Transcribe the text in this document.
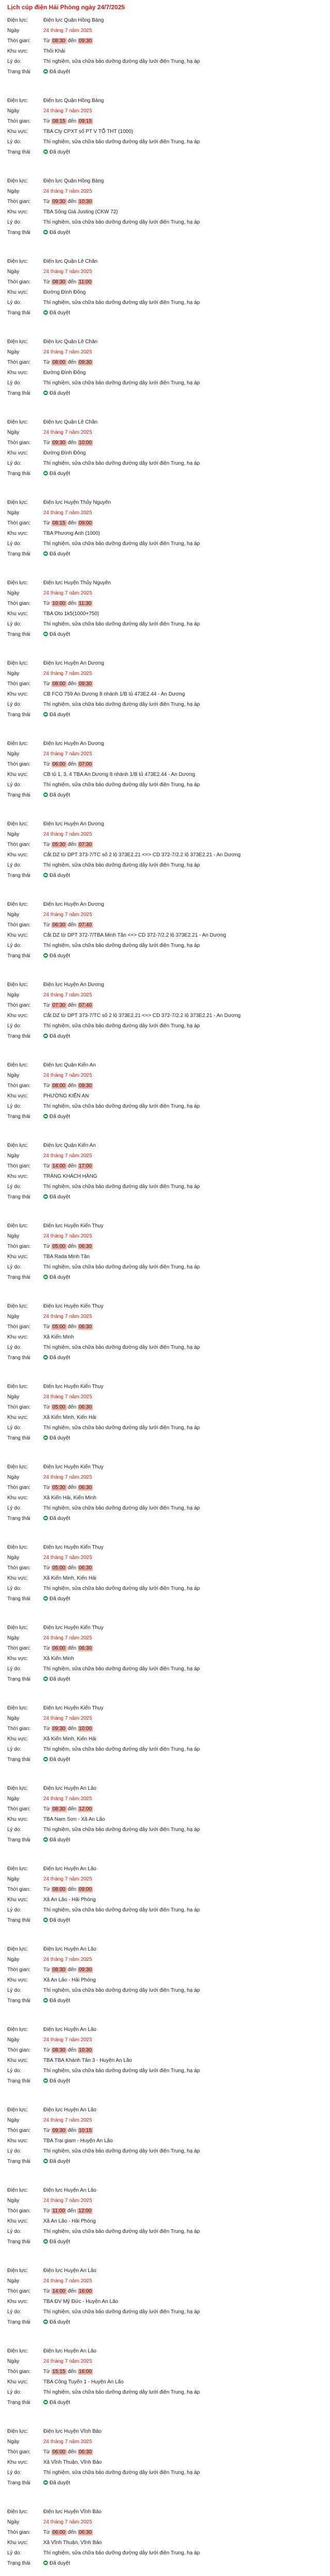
Lịch cúp điện Hải Phòng ngày 24/7/2025
Điện lực:	Điện lực Quận Hồng Bàng
Ngày	24 tháng 7 năm 2025
Thời gian:	Từ 08:30 đến 09:30
Khu vực:	Thôi Khải
Lý do:	Thí nghiệm, sửa chữa bảo dưỡng đường dây lưới điện Trung, hạ áp
Trạng thái	Đã duyệt
Điện lực:	Điện lực Quận Hồng Bàng
Ngày	24 tháng 7 năm 2025
Thời gian:	Từ 08:15 đến 09:15
Khu vực:	TBA Cty CPXT số PT V TỔ THT (1000)
Lý do:	Thí nghiệm, sửa chữa bảo dưỡng đường dây lưới điện Trung, hạ áp
Trạng thái	Đã duyệt
Điện lực:	Điện lực Quận Hồng Bàng
Ngày	24 tháng 7 năm 2025
Thời gian:	Từ 09:30 đến 10:30
Khu vực:	TBA Sông Giá Justing (CKW 72)
Lý do:	Thí nghiệm, sửa chữa bảo dưỡng đường dây lưới điện Trung, hạ áp
Trạng thái	Đã duyệt
Điện lực:	Điện lực Quận Lê Chân
Ngày	24 tháng 7 năm 2025
Thời gian:	Từ 08:30 đến 11:00
Khu vực:	Đường Đình Đông
Lý do:	Thí nghiệm, sửa chữa bảo dưỡng đường dây lưới điện Trung, hạ áp
Trạng thái	Đã duyệt
Điện lực:	Điện lực Quận Lê Chân
Ngày	24 tháng 7 năm 2025
Thời gian:	Từ 08:00 đến 09:30
Khu vực:	Đường Đình Đông
Lý do:	Thí nghiệm, sửa chữa bảo dưỡng đường dây lưới điện Trung, hạ áp
Trạng thái	Đã duyệt
Điện lực:	Điện lực Quận Lê Chân
Ngày	24 tháng 7 năm 2025
Thời gian:	Từ 09:30 đến 10:00
Khu vực:	Đường Đình Đông
Lý do:	Thí nghiệm, sửa chữa bảo dưỡng đường dây lưới điện Trung, hạ áp
Trạng thái	Đã duyệt
Điện lực:	Điện lực Huyện Thủy Nguyên
Ngày	24 tháng 7 năm 2025
Thời gian:	Từ 08:15 đến 09:00
Khu vực:	TBA Phương Anh (1000)
Lý do:	Thí nghiệm, sửa chữa bảo dưỡng đường dây lưới điện Trung, hạ áp
Trạng thái	Đã duyệt
Điện lực:	Điện lực Huyện Thủy Nguyên
Ngày	24 tháng 7 năm 2025
Thời gian:	Từ 10:00 đến 11:30
Khu vực:	TBA Oto 1k5(1000+750)
Lý do:	Thí nghiệm, sửa chữa bảo dưỡng đường dây lưới điện Trung, hạ áp
Trạng thái	Đã duyệt
Điện lực:	Điện lực Huyện An Dương
Ngày	24 tháng 7 năm 2025
Thời gian:	Từ 08:00 đến 09:30
Khu vực:	CB FCO 759 An Dương 8 nhánh 1/B tủ 473E2.44 - An Dương
Lý do:	Thí nghiệm, sửa chữa bảo dưỡng đường dây lưới điện Trung, hạ áp
Trạng thái	Đã duyệt
Điện lực:	Điện lực Huyện An Dương
Ngày	24 tháng 7 năm 2025
Thời gian:	Từ 06:00 đến 07:00
Khu vực:	CB tủ 1, 3, 4 TBA An Dương 8 nhánh 1/B tủ 473E2.44 - An Dương
Lý do:	Thí nghiệm, sửa chữa bảo dưỡng đường dây lưới điện Trung, hạ áp
Trạng thái	Đã duyệt
Điện lực:	Điện lực Huyện An Dương
Ngày	24 tháng 7 năm 2025
Thời gian:	Từ 05:30 đến 07:30
Khu vực:	Cắt DZ từ DPT 373-7/TC số 2 lộ 373E2.21 <=> CD 372-7/2.2 lộ 373E2.21 - An Dương
Lý do:	Thí nghiệm, sửa chữa bảo dưỡng đường dây lưới điện Trung, hạ áp
Trạng thái	Đã duyệt
Điện lực:	Điện lực Huyện An Dương
Ngày	24 tháng 7 năm 2025
Thời gian:	Từ 06:30 đến 07:40
Khu vực:	Cắt DZ từ DPT 372-7/TBA Minh Tân <=> CD 372-7/2.2 lộ 373E2.21 - An Dương
Lý do:	Thí nghiệm, sửa chữa bảo dưỡng đường dây lưới điện Trung, hạ áp
Trạng thái	Đã duyệt
Điện lực:	Điện lực Huyện An Dương
Ngày	24 tháng 7 năm 2025
Thời gian:	Từ 07:30 đến 07:40
Khu vực:	Cắt DZ từ DPT 373-7/TC số 2 lộ 373E2.21 <=> CD 372-7/2.2 lộ 373E2.21 - An Dương
Lý do:	Thí nghiệm, sửa chữa bảo dưỡng đường dây lưới điện Trung, hạ áp
Trạng thái	Đã duyệt
Điện lực:	Điện lực Quận Kiến An
Ngày	24 tháng 7 năm 2025
Thời gian:	Từ 08:00 đến 09:30
Khu vực:	PHƯỜNG KIẾN AN
Lý do:	Thí nghiệm, sửa chữa bảo dưỡng đường dây lưới điện Trung, hạ áp
Trạng thái	Đã duyệt
Điện lực:	Điện lực Quận Kiến An
Ngày	24 tháng 7 năm 2025
Thời gian:	Từ 14:00 đến 17:00
Khu vực:	TRÀNG KHÁCH HÀNG
Lý do:	Thí nghiệm, sửa chữa bảo dưỡng đường dây lưới điện Trung, hạ áp
Trạng thái	Đã duyệt
Điện lực:	Điện lực Huyện Kiến Thụy
Ngày	24 tháng 7 năm 2025
Thời gian:	Từ 05:00 đến 06:30
Khu vực:	TBA Rada Minh Tân
Lý do:	Thí nghiệm, sửa chữa bảo dưỡng đường dây lưới điện Trung, hạ áp
Trạng thái	Đã duyệt
Điện lực:	Điện lực Huyện Kiến Thụy
Ngày	24 tháng 7 năm 2025
Thời gian:	Từ 05:00 đến 06:30
Khu vực:	Xã Kiến Minh
Lý do:	Thí nghiệm, sửa chữa bảo dưỡng đường dây lưới điện Trung, hạ áp
Trạng thái	Đã duyệt
Điện lực:	Điện lực Huyện Kiến Thụy
Ngày	24 tháng 7 năm 2025
Thời gian:	Từ 05:00 đến 06:30
Khu vực:	Xã Kiến Minh, Kiến Hải
Lý do:	Thí nghiệm, sửa chữa bảo dưỡng đường dây lưới điện Trung, hạ áp
Trạng thái	Đã duyệt
Điện lực:	Điện lực Huyện Kiến Thụy
Ngày	24 tháng 7 năm 2025
Thời gian:	Từ 05:30 đến 06:30
Khu vực:	Xã Kiến Hải, Kiến Minh
Lý do:	Thí nghiệm, sửa chữa bảo dưỡng đường dây lưới điện Trung, hạ áp
Trạng thái	Đã duyệt
Điện lực:	Điện lực Huyện Kiến Thụy
Ngày	24 tháng 7 năm 2025
Thời gian:	Từ 05:00 đến 06:30
Khu vực:	Xã Kiến Minh, Kiến Hải
Lý do:	Thí nghiệm, sửa chữa bảo dưỡng đường dây lưới điện Trung, hạ áp
Trạng thái	Đã duyệt
Điện lực:	Điện lực Huyện Kiến Thụy
Ngày	24 tháng 7 năm 2025
Thời gian:	Từ 06:00 đến 06:30
Khu vực:	Xã Kiến Minh
Lý do:	Thí nghiệm, sửa chữa bảo dưỡng đường dây lưới điện Trung, hạ áp
Trạng thái	Đã duyệt
Điện lực:	Điện lực Huyện Kiến Thụy
Ngày	24 tháng 7 năm 2025
Thời gian:	Từ 09:30 đến 10:00
Khu vực:	Xã Kiến Minh, Kiến Hải
Lý do:	Thí nghiệm, sửa chữa bảo dưỡng đường dây lưới điện Trung, hạ áp
Trạng thái	Đã duyệt
Điện lực:	Điện lực Huyện An Lão
Ngày	24 tháng 7 năm 2025
Thời gian:	Từ 08:30 đến 12:00
Khu vực:	TBA Nam Sơn - Xã An Lão
Lý do:	Thí nghiệm, sửa chữa bảo dưỡng đường dây lưới điện Trung, hạ áp
Trạng thái	Đã duyệt
Điện lực:	Điện lực Huyện An Lão
Ngày	24 tháng 7 năm 2025
Thời gian:	Từ 08:00 đến 09:00
Khu vực:	Xã An Lão - Hải Phòng
Lý do:	Thí nghiệm, sửa chữa bảo dưỡng đường dây lưới điện Trung, hạ áp
Trạng thái	Đã duyệt
Điện lực:	Điện lực Huyện An Lão
Ngày	24 tháng 7 năm 2025
Thời gian:	Từ 08:30 đến 09:30
Khu vực:	Xã An Lão - Hải Phòng
Lý do:	Thí nghiệm, sửa chữa bảo dưỡng đường dây lưới điện Trung, hạ áp
Trạng thái	Đã duyệt
Điện lực:	Điện lực Huyện An Lão
Ngày	24 tháng 7 năm 2025
Thời gian:	Từ 08:30 đến 10:30
Khu vực:	TBA TBA Khánh Tân 3 - Huyện An Lão
Lý do:	Thí nghiệm, sửa chữa bảo dưỡng đường dây lưới điện Trung, hạ áp
Trạng thái	Đã duyệt
Điện lực:	Điện lực Huyện An Lão
Ngày	24 tháng 7 năm 2025
Thời gian:	Từ 09:30 đến 10:15
Khu vực:	TBA Trại giam - Huyện An Lão
Lý do:	Thí nghiệm, sửa chữa bảo dưỡng đường dây lưới điện Trung, hạ áp
Trạng thái	Đã duyệt
Điện lực:	Điện lực Huyện An Lão
Ngày	24 tháng 7 năm 2025
Thời gian:	Từ 11:00 đến 12:00
Khu vực:	Xã An Lão - Hải Phòng
Lý do:	Thí nghiệm, sửa chữa bảo dưỡng đường dây lưới điện Trung, hạ áp
Trạng thái	Đã duyệt
Điện lực:	Điện lực Huyện An Lão
Ngày	24 tháng 7 năm 2025
Thời gian:	Từ 14:00 đến 16:00
Khu vực:	TBA ĐV Mỹ Đức - Huyện An Lão
Lý do:	Thí nghiệm, sửa chữa bảo dưỡng đường dây lưới điện Trung, hạ áp
Trạng thái	Đã duyệt
Điện lực:	Điện lực Huyện An Lão
Ngày	24 tháng 7 năm 2025
Thời gian:	Từ 15:15 đến 16:00
Khu vực:	TBA Công Tuyến 1 - Huyện An Lão
Lý do:	Thí nghiệm, sửa chữa bảo dưỡng đường dây lưới điện Trung, hạ áp
Trạng thái	Đã duyệt
Điện lực:	Điện lực Huyện Vĩnh Bảo
Ngày	24 tháng 7 năm 2025
Thời gian:	Từ 06:00 đến 06:30
Khu vực:	Xã Vĩnh Thuận, Vĩnh Bảo
Lý do:	Thí nghiệm, sửa chữa bảo dưỡng đường dây lưới điện Trung, hạ áp
Trạng thái	Đã duyệt
Điện lực:	Điện lực Huyện Vĩnh Bảo
Ngày	24 tháng 7 năm 2025
Thời gian:	Từ 06:00 đến 06:30
Khu vực:	Xã Vĩnh Thuận, Vĩnh Bảo
Lý do:	Thí nghiệm, sửa chữa bảo dưỡng đường dây lưới điện Trung, hạ áp
Trạng thái	Đã duyệt
